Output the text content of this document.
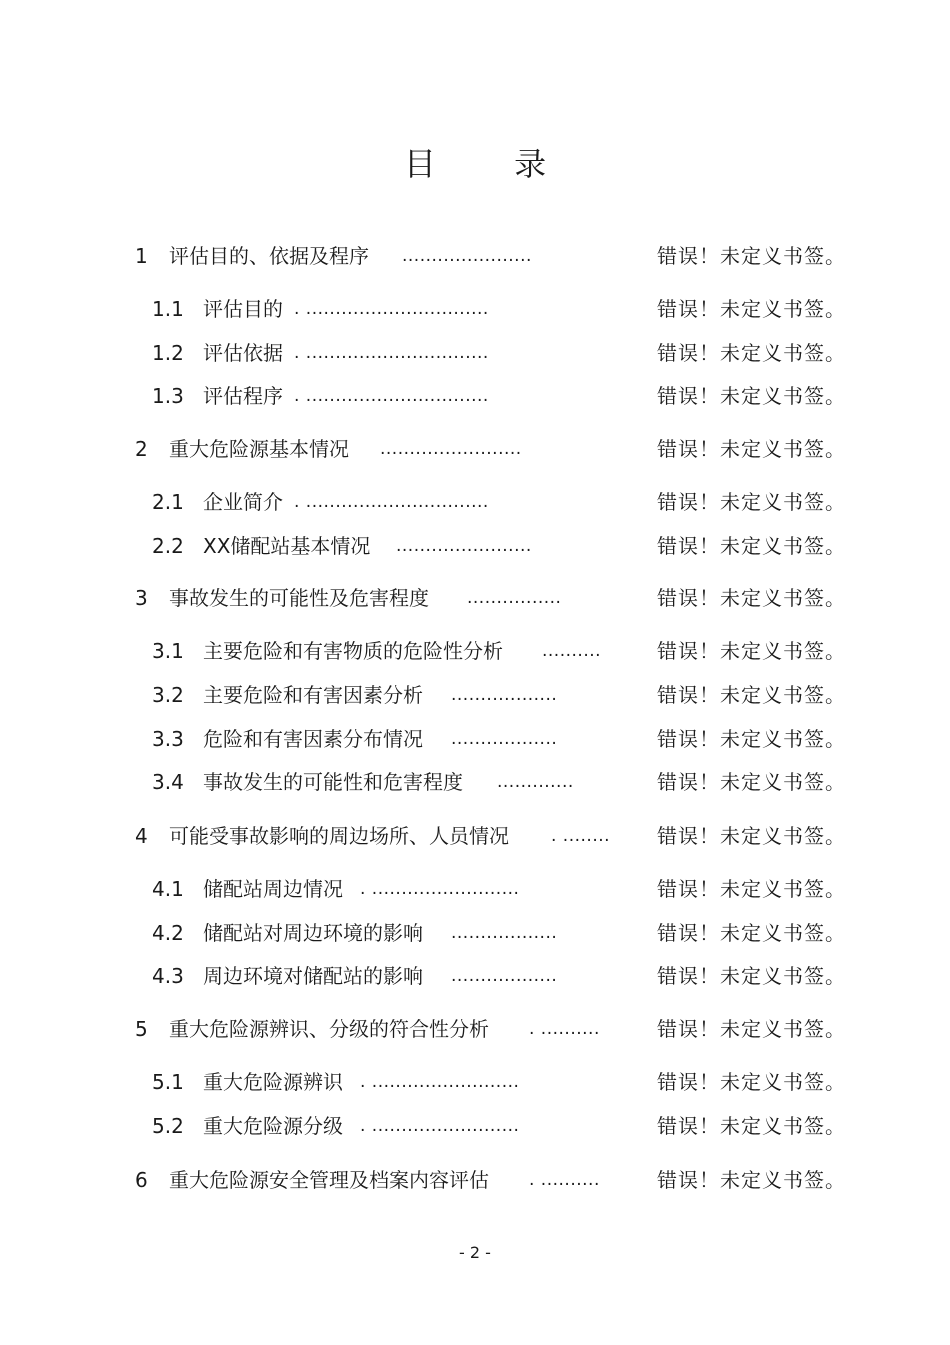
目 录
1 评估目的、依据及程序 ......................	错误！未定义书签。
1.1 评估目的 . ...............................	错误！未定义书签。
1.2 评估依据 . ...............................	错误！未定义书签。
1.3 评估程序 . ...............................	错误！未定义书签。
2 重大危险源基本情况 ........................	错误！未定义书签。
2.1 企业简介 . ...............................	错误！未定义书签。
2.2 XX储配站基本情况 .......................	错误！未定义书签。
3 事故发生的可能性及危害程度 ................	错误！未定义书签。
3.1 主要危险和有害物质的危险性分析 ..........	错误！未定义书签。
3.2 主要危险和有害因素分析 ..................	错误！未定义书签。
3.3 危险和有害因素分布情况 ..................	错误！未定义书签。
3.4 事故发生的可能性和危害程度 .............	错误！未定义书签。
4 可能受事故影响的周边场所、人员情况 . ........ 错误！未定义书签。
4.1 储配站周边情况 . .........................	错误！未定义书签。
4.2 储配站对周边环境的影响 ..................	错误！未定义书签。
4.3 周边环境对储配站的影响 ..................	错误！未定义书签。
5 重大危险源辨识、分级的符合性分析 . ..........	错误！未定义书签。
5.1 重大危险源辨识 . .........................	错误！未定义书签。
5.2 重大危险源分级 . .........................	错误！未定义书签。
6 重大危险源安全管理及档案内容评估 . ..........	错误！未定义书签。
- 2 -
